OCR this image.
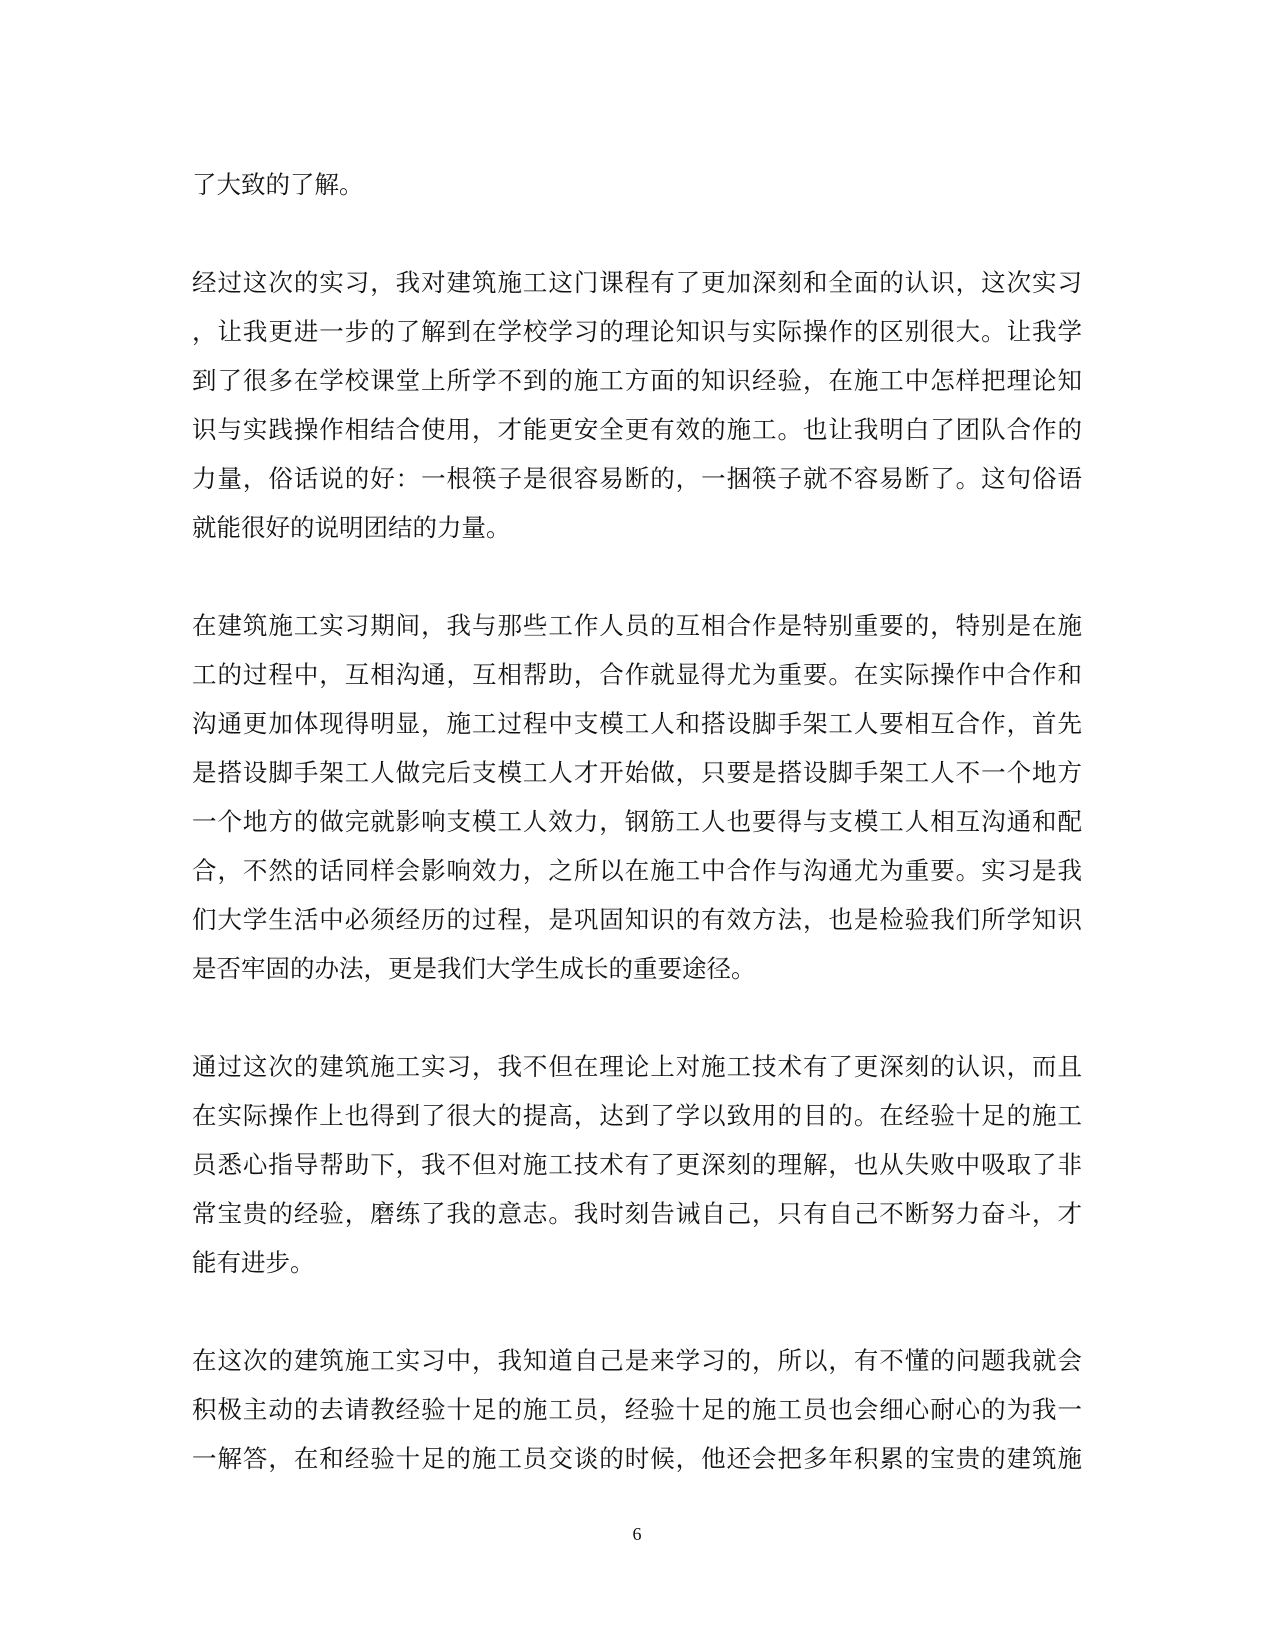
了大致的了解。
经过这次的实习，我对建筑施工这门课程有了更加深刻和全面的认识，这次实习
，让我更进一步的了解到在学校学习的理论知识与实际操作的区别很大。让我学
到了很多在学校课堂上所学不到的施工方面的知识经验，在施工中怎样把理论知
识与实践操作相结合使用，才能更安全更有效的施工。也让我明白了团队合作的
力量，俗话说的好：一根筷子是很容易断的，一捆筷子就不容易断了。这句俗语
就能很好的说明团结的力量。
在建筑施工实习期间，我与那些工作人员的互相合作是特别重要的，特别是在施
工的过程中，互相沟通，互相帮助，合作就显得尤为重要。在实际操作中合作和
沟通更加体现得明显，施工过程中支模工人和搭设脚手架工人要相互合作，首先
是搭设脚手架工人做完后支模工人才开始做，只要是搭设脚手架工人不一个地方
一个地方的做完就影响支模工人效力，钢筋工人也要得与支模工人相互沟通和配
合，不然的话同样会影响效力，之所以在施工中合作与沟通尤为重要。实习是我
们大学生活中必须经历的过程，是巩固知识的有效方法，也是检验我们所学知识
是否牢固的办法，更是我们大学生成长的重要途径。
通过这次的建筑施工实习，我不但在理论上对施工技术有了更深刻的认识，而且
在实际操作上也得到了很大的提高，达到了学以致用的目的。在经验十足的施工
员悉心指导帮助下，我不但对施工技术有了更深刻的理解，也从失败中吸取了非
常宝贵的经验，磨练了我的意志。我时刻告诫自己，只有自己不断努力奋斗，才
能有进步。
在这次的建筑施工实习中，我知道自己是来学习的，所以，有不懂的问题我就会
积极主动的去请教经验十足的施工员，经验十足的施工员也会细心耐心的为我一
一解答，在和经验十足的施工员交谈的时候，他还会把多年积累的宝贵的建筑施
6
